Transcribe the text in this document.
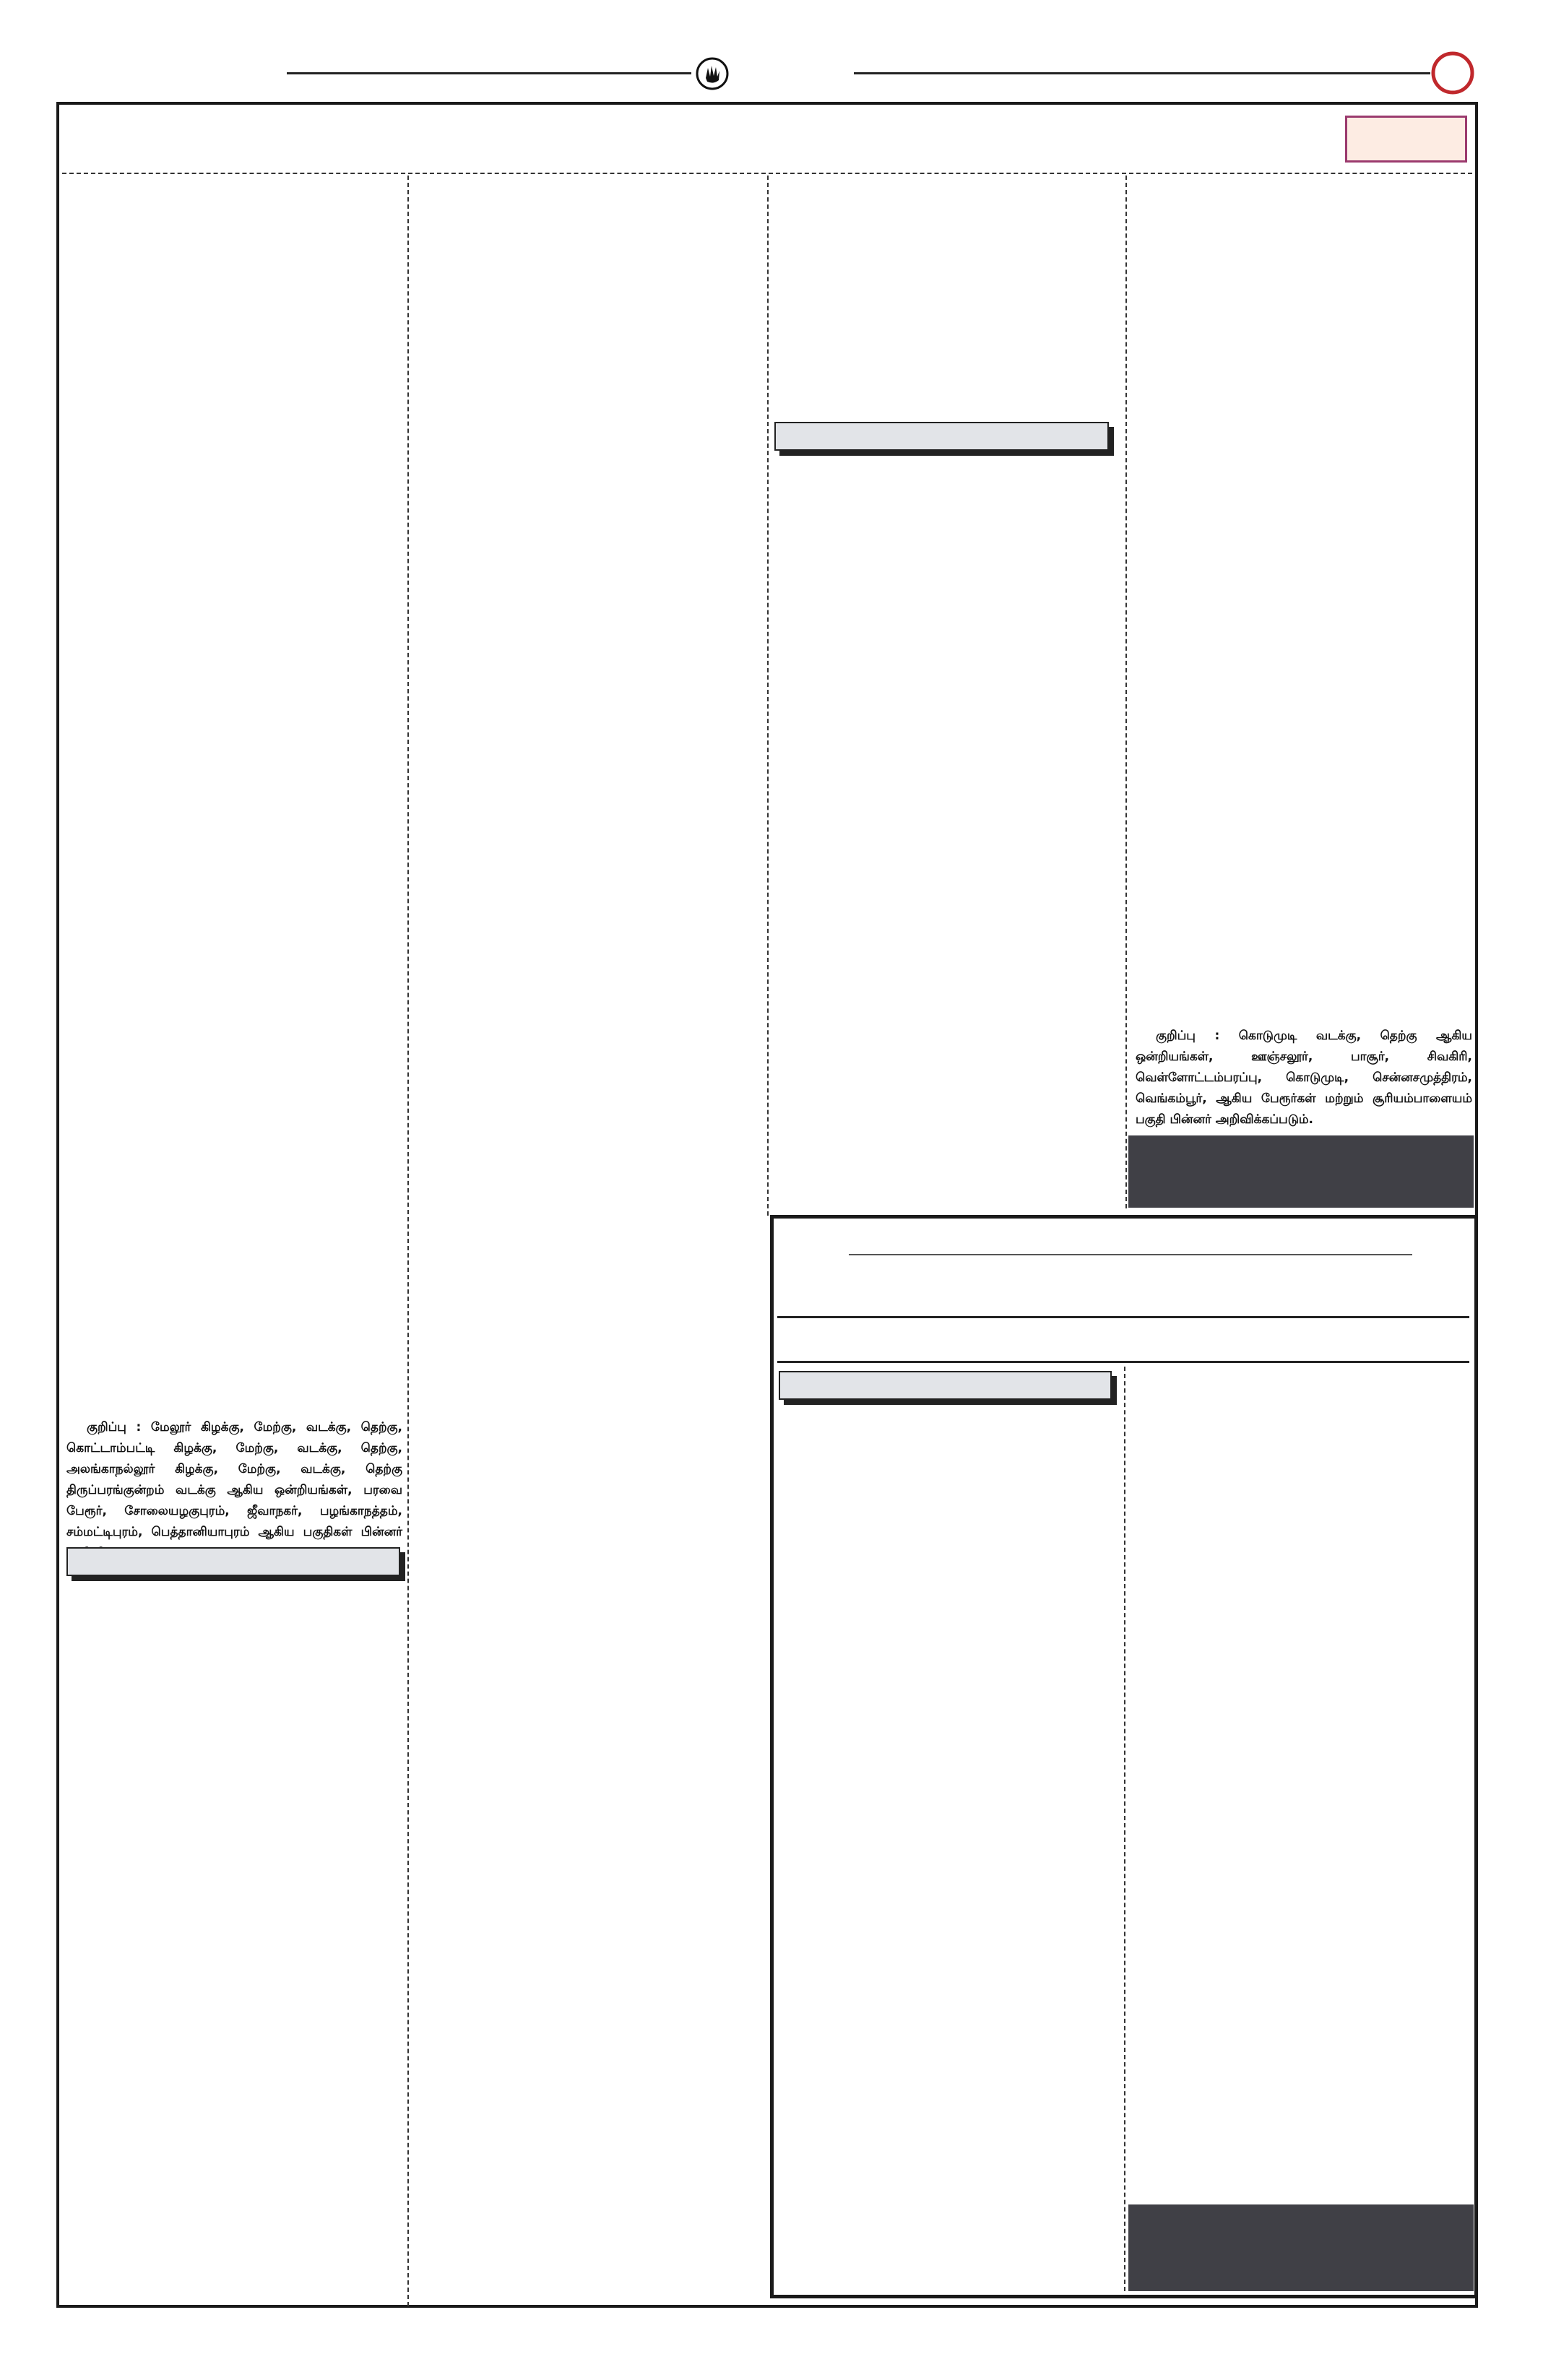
குறிப்பு : கொடுமுடி வடக்கு, தெற்கு ஆகிய ஒன்றியங்கள், ஊஞ்சலூர், பாசூர், சிவகிரி, வெள்ளோட்டம்பரப்பு, கொடுமுடி, சென்னசமுத்திரம், வெங்கம்பூர், ஆகிய பேரூர்கள் மற்றும் சூரியம்பாளையம் பகுதி பின்னர் அறிவிக்கப்படும்.
குறிப்பு : மேலூர் கிழக்கு, மேற்கு, வடக்கு, தெற்கு, கொட்டாம்பட்டி கிழக்கு, மேற்கு, வடக்கு, தெற்கு, அலங்காநல்லூர் கிழக்கு, மேற்கு, வடக்கு, தெற்கு திருப்பரங்குன்றம் வடக்கு ஆகிய ஒன்றியங்கள், பரவை பேரூர், சோலையழகுபுரம், ஜீவாநகர், பழங்காநத்தம், சம்மட்டிபுரம், பெத்தானியாபுரம் ஆகிய பகுதிகள் பின்னர்
